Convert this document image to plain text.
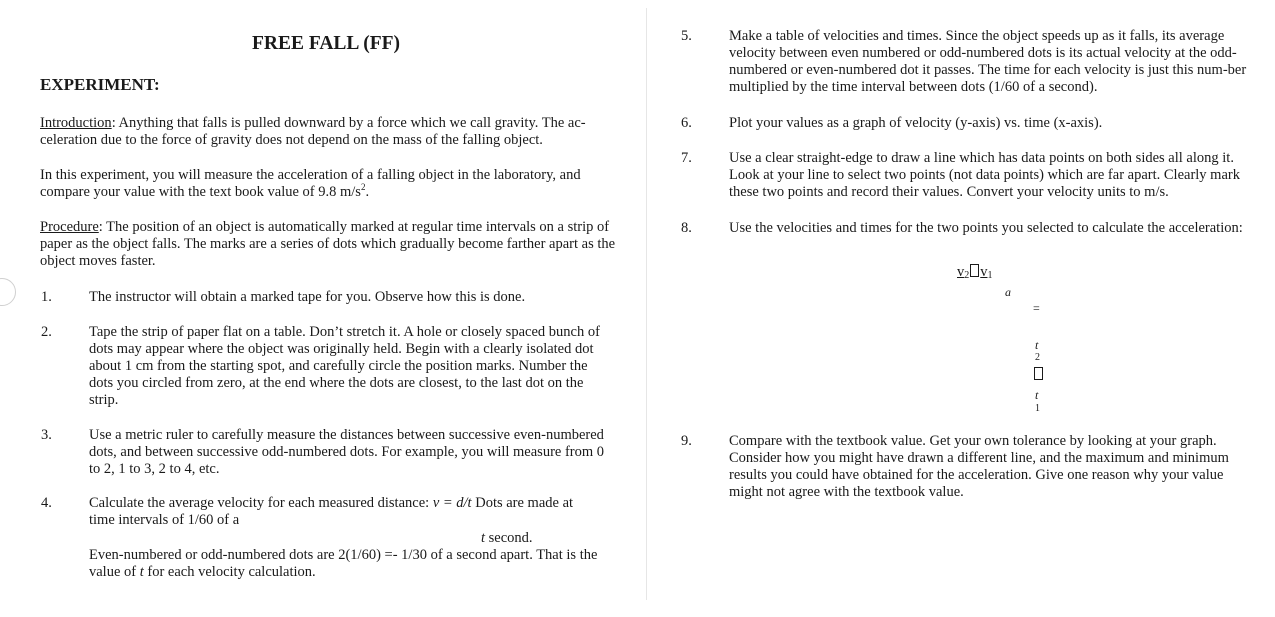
FREE FALL (FF)
EXPERIMENT:

Introduction: Anything that falls is pulled downward by a force which we call gravity. The ac-celeration due to the force of gravity does not depend on the mass of the falling object.

In this experiment, you will measure the acceleration of a falling object in the laboratory, and compare your value with the text book value of 9.8 $m/s^2$.

Procedure: The position of an object is automatically marked at regular time intervals on a strip of paper as the object falls. The marks are a series of dots which gradually become farther apart as the object moves faster.

1.	The instructor will obtain a marked tape for you. Observe how this is done.

2.	Tape the strip of paper flat on a table. Don’t stretch it. A hole or closely spaced bunch of dots may appear where the object was originally held. Begin with a clearly isolated dot about 1 cm from the starting spot, and carefully circle the position marks. Number the dots you circled from zero, at the end where the dots are closest, to the last dot on the strip.

3.	Use a metric ruler to carefully measure the distances between successive even-numbered dots, and between successive odd-numbered dots. For example, you will measure from 0 to 2, 1 to 3, 2 to 4, etc.

4.	Calculate the average velocity for each measured distance: v = d/t Dots are made at time intervals of 1/60 of a

t second.

Even-numbered or odd-numbered dots are 2(1/60) =- 1/30 of a second apart. That is the value of t for each velocity calculation.

5.	Make a table of velocities and times. Since the object speeds up as it falls, its average velocity between even numbered or odd-numbered dots is its actual velocity at the odd-numbered or even-numbered dot it passes. The time for each velocity is just this num-ber multiplied by the time interval between dots (1/60 of a second).

6.	Plot your values as a graph of velocity (y-axis) vs. time (x-axis).

7.	Use a clear straight-edge to draw a line which has data points on both sides all along it. Look at your line to select two points (not data points) which are far apart. Clearly mark these two points and record their values. Convert your velocity units to m/s.

8.	Use the velocities and times for the two points you selected to calculate the acceleration:

v2 v1
a
=
t
2
t
1
9.	Compare with the textbook value. Get your own tolerance by looking at your graph. Consider how you might have drawn a different line, and the maximum and minimum results you could have obtained for the acceleration. Give one reason why your value might not agree with the textbook value.
